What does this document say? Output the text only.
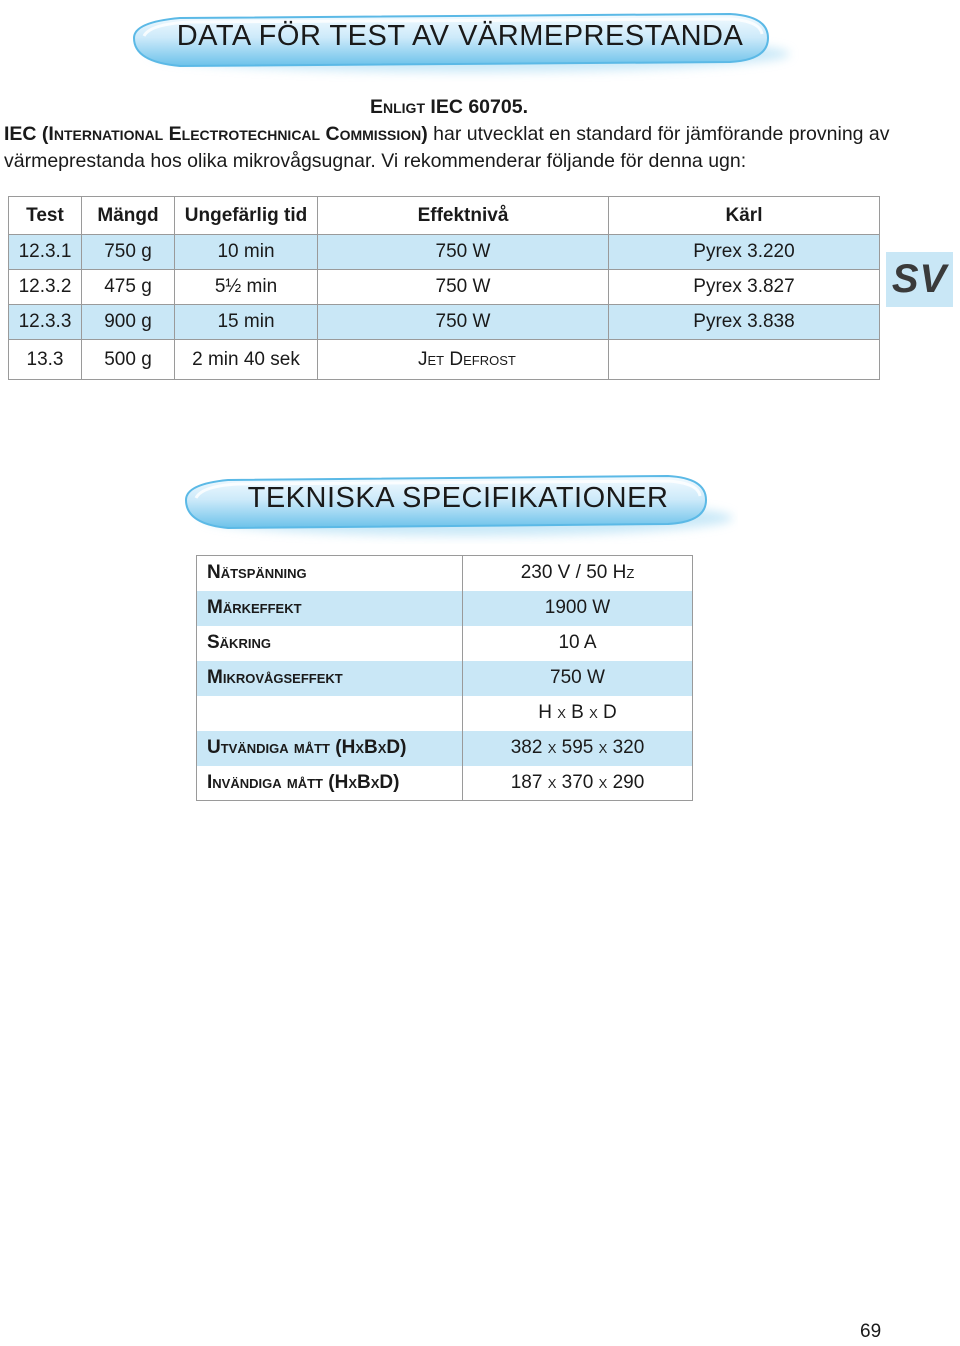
DATA FÖR TEST AV VÄRMEPRESTANDA
Enligt IEC 60705.
IEC (International Electrotechnical Commission) har utvecklat en standard för jämförande provning av värmeprestanda hos olika mikrovågsugnar. Vi rekommenderar följande för denna ugn:
Test	Mängd	Ungefärlig tid	Effektnivå	Kärl
12.3.1	750 g	10 min	750 W	Pyrex 3.220
12.3.2	475 g	5½ min	750 W	Pyrex 3.827
12.3.3	900 g	15 min	750 W	Pyrex 3.838
13.3	500 g	2 min 40 sek	Jet Defrost	
SV
TEKNISKA SPECIFIKATIONER
Nätspänning	230 V / 50 Hz
Märkeffekt	1900 W
Säkring	10 A
Mikrovågseffekt	750 W
	H x B x D
Utvändiga mått (HxBxD)	382 x 595 x 320
Invändiga mått (HxBxD)	187 x 370 x 290
69
